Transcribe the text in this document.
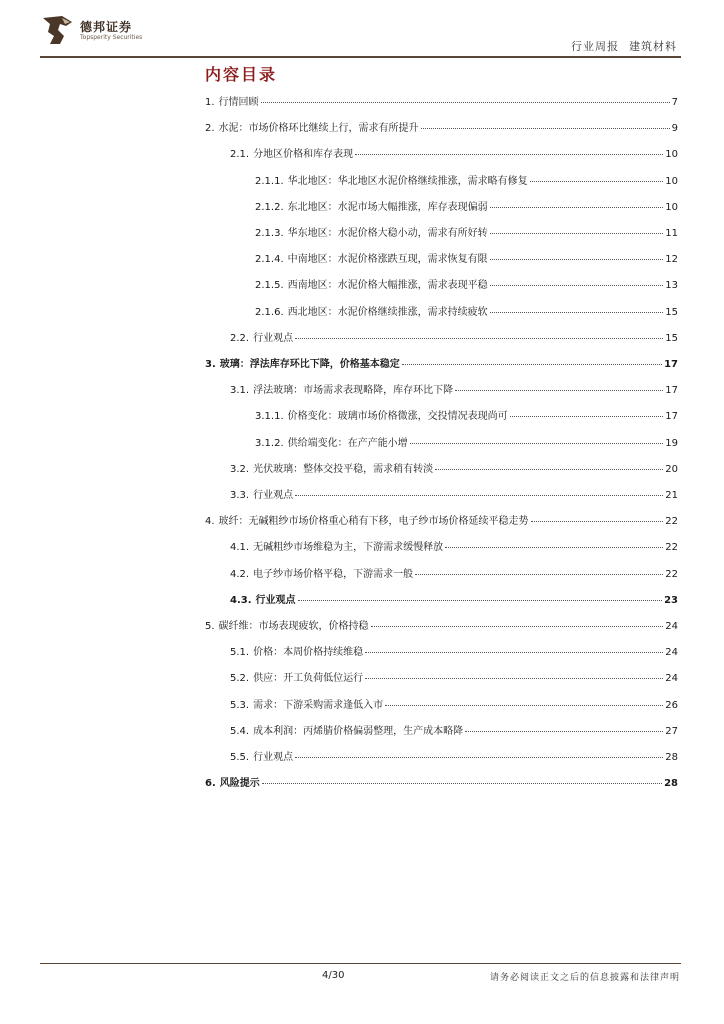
德邦证券
Topsperity Securities
行业周报 建筑材料
内容目录
1. 行情回顾	7
2. 水泥：市场价格环比继续上行，需求有所提升	9
2.1. 分地区价格和库存表现	10
2.1.1. 华北地区：华北地区水泥价格继续推涨，需求略有修复	10
2.1.2. 东北地区：水泥市场大幅推涨，库存表现偏弱	10
2.1.3. 华东地区：水泥价格大稳小动，需求有所好转	11
2.1.4. 中南地区：水泥价格涨跌互现，需求恢复有限	12
2.1.5. 西南地区：水泥价格大幅推涨，需求表现平稳	13
2.1.6. 西北地区：水泥价格继续推涨，需求持续疲软	15
2.2. 行业观点	15
3. 玻璃：浮法库存环比下降，价格基本稳定	17
3.1. 浮法玻璃：市场需求表现略降，库存环比下降	17
3.1.1. 价格变化：玻璃市场价格微涨，交投情况表现尚可	17
3.1.2. 供给端变化：在产产能小增	19
3.2. 光伏玻璃：整体交投平稳，需求稍有转淡	20
3.3. 行业观点	21
4. 玻纤：无碱粗纱市场价格重心稍有下移，电子纱市场价格延续平稳走势	22
4.1. 无碱粗纱市场维稳为主，下游需求缓慢释放	22
4.2. 电子纱市场价格平稳，下游需求一般	22
4.3. 行业观点	23
5. 碳纤维：市场表现疲软，价格持稳	24
5.1. 价格：本周价格持续维稳	24
5.2. 供应：开工负荷低位运行	24
5.3. 需求：下游采购需求逢低入市	26
5.4. 成本利润：丙烯腈价格偏弱整理，生产成本略降	27
5.5. 行业观点	28
6. 风险提示	28
4/30	请务必阅读正文之后的信息披露和法律声明
